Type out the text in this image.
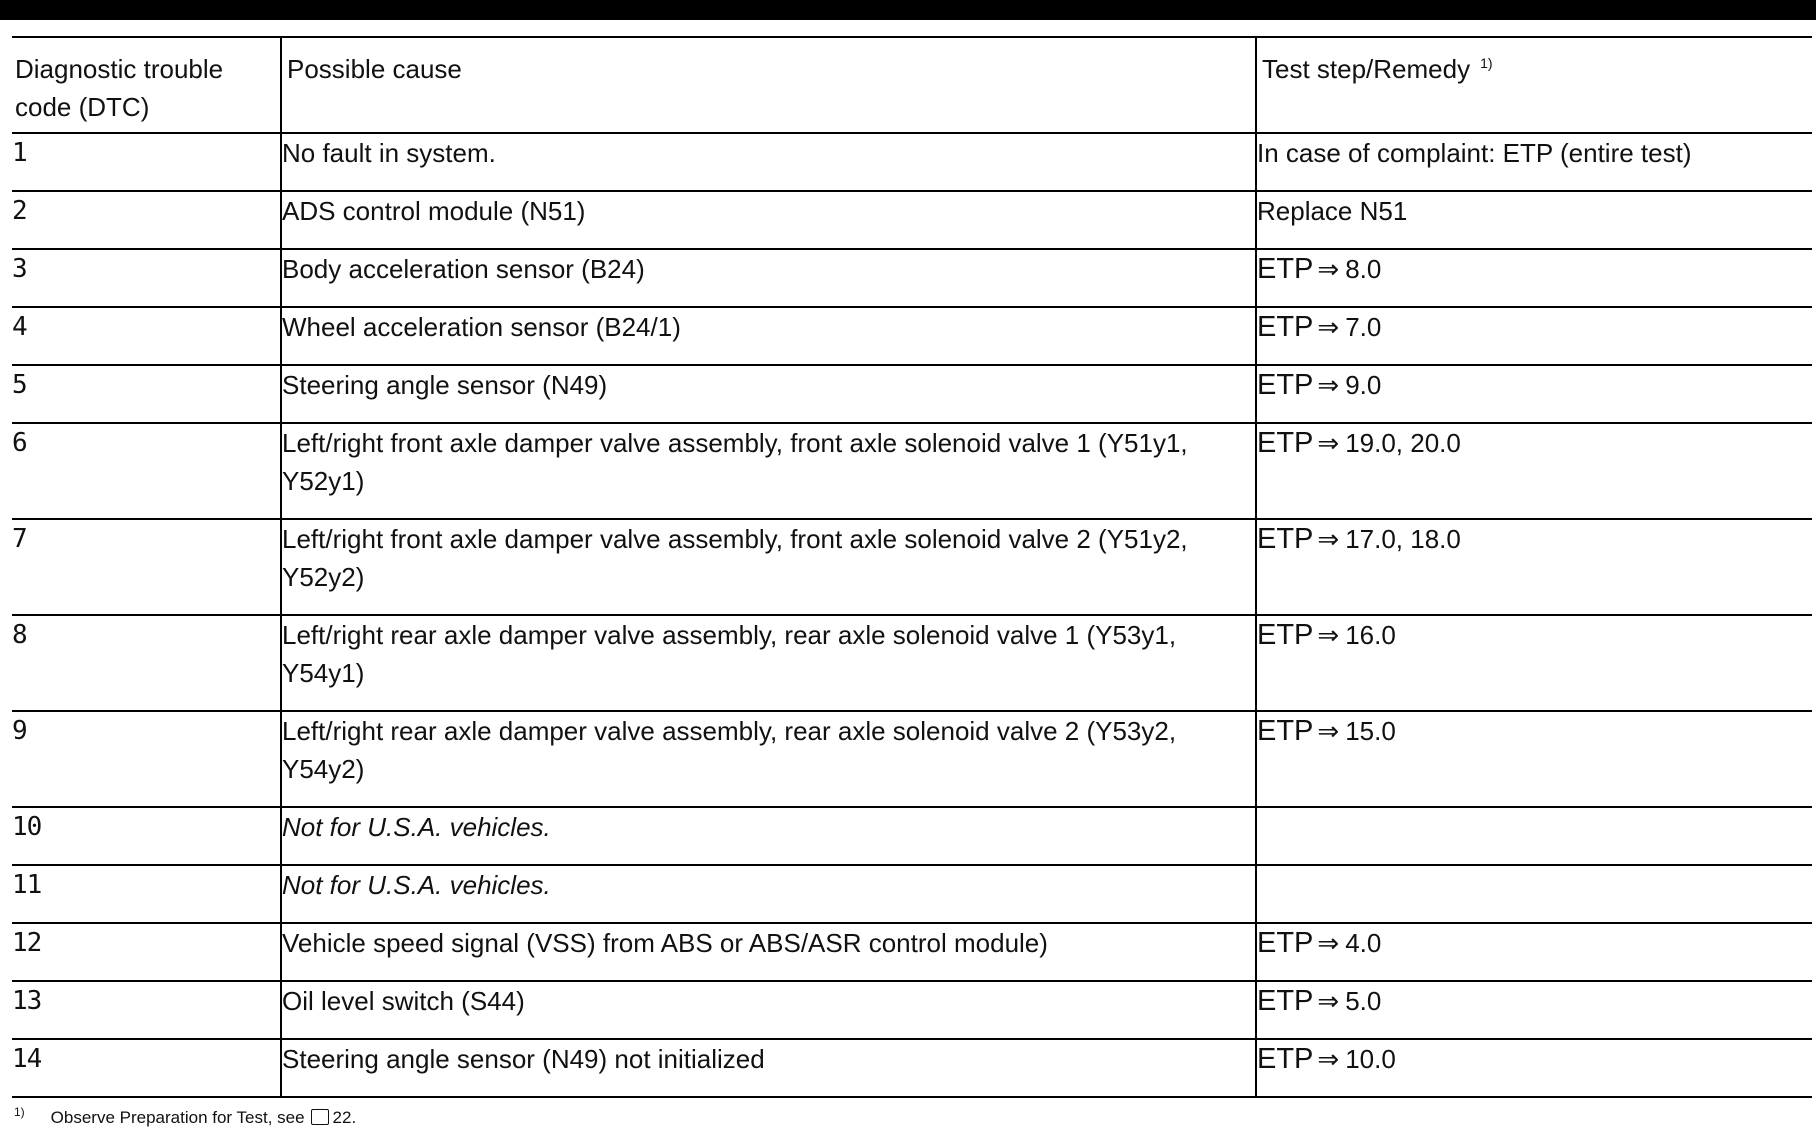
Diagnostic trouble code (DTC)	Possible cause	Test step/Remedy $^{1)}$

1	No fault in system.	In case of complaint: ETP (entire test)
2	ADS control module (N51)	Replace N51
3	Body acceleration sensor (B24)	ETP ⇒ 8.0
4	Wheel acceleration sensor (B24/1)	ETP ⇒ 7.0
5	Steering angle sensor (N49)	ETP ⇒ 9.0
6	Left/right front axle damper valve assembly, front axle solenoid valve 1 (Y51y1, Y52y1)	ETP ⇒ 19.0, 20.0
7	Left/right front axle damper valve assembly, front axle solenoid valve 2 (Y51y2, Y52y2)	ETP ⇒ 17.0, 18.0
8	Left/right rear axle damper valve assembly, rear axle solenoid valve 1 (Y53y1, Y54y1)	ETP ⇒ 16.0
9	Left/right rear axle damper valve assembly, rear axle solenoid valve 2 (Y53y2, Y54y2)	ETP ⇒ 15.0
10	Not for U.S.A. vehicles.	
11	Not for U.S.A. vehicles.	
12	Vehicle speed signal (VSS) from ABS or ABS/ASR control module)	ETP ⇒ 4.0
13	Oil level switch (S44)	ETP ⇒ 5.0
14	Steering angle sensor (N49) not initialized	ETP ⇒ 10.0
$^{1)}$ Observe Preparation for Test, see 22.
